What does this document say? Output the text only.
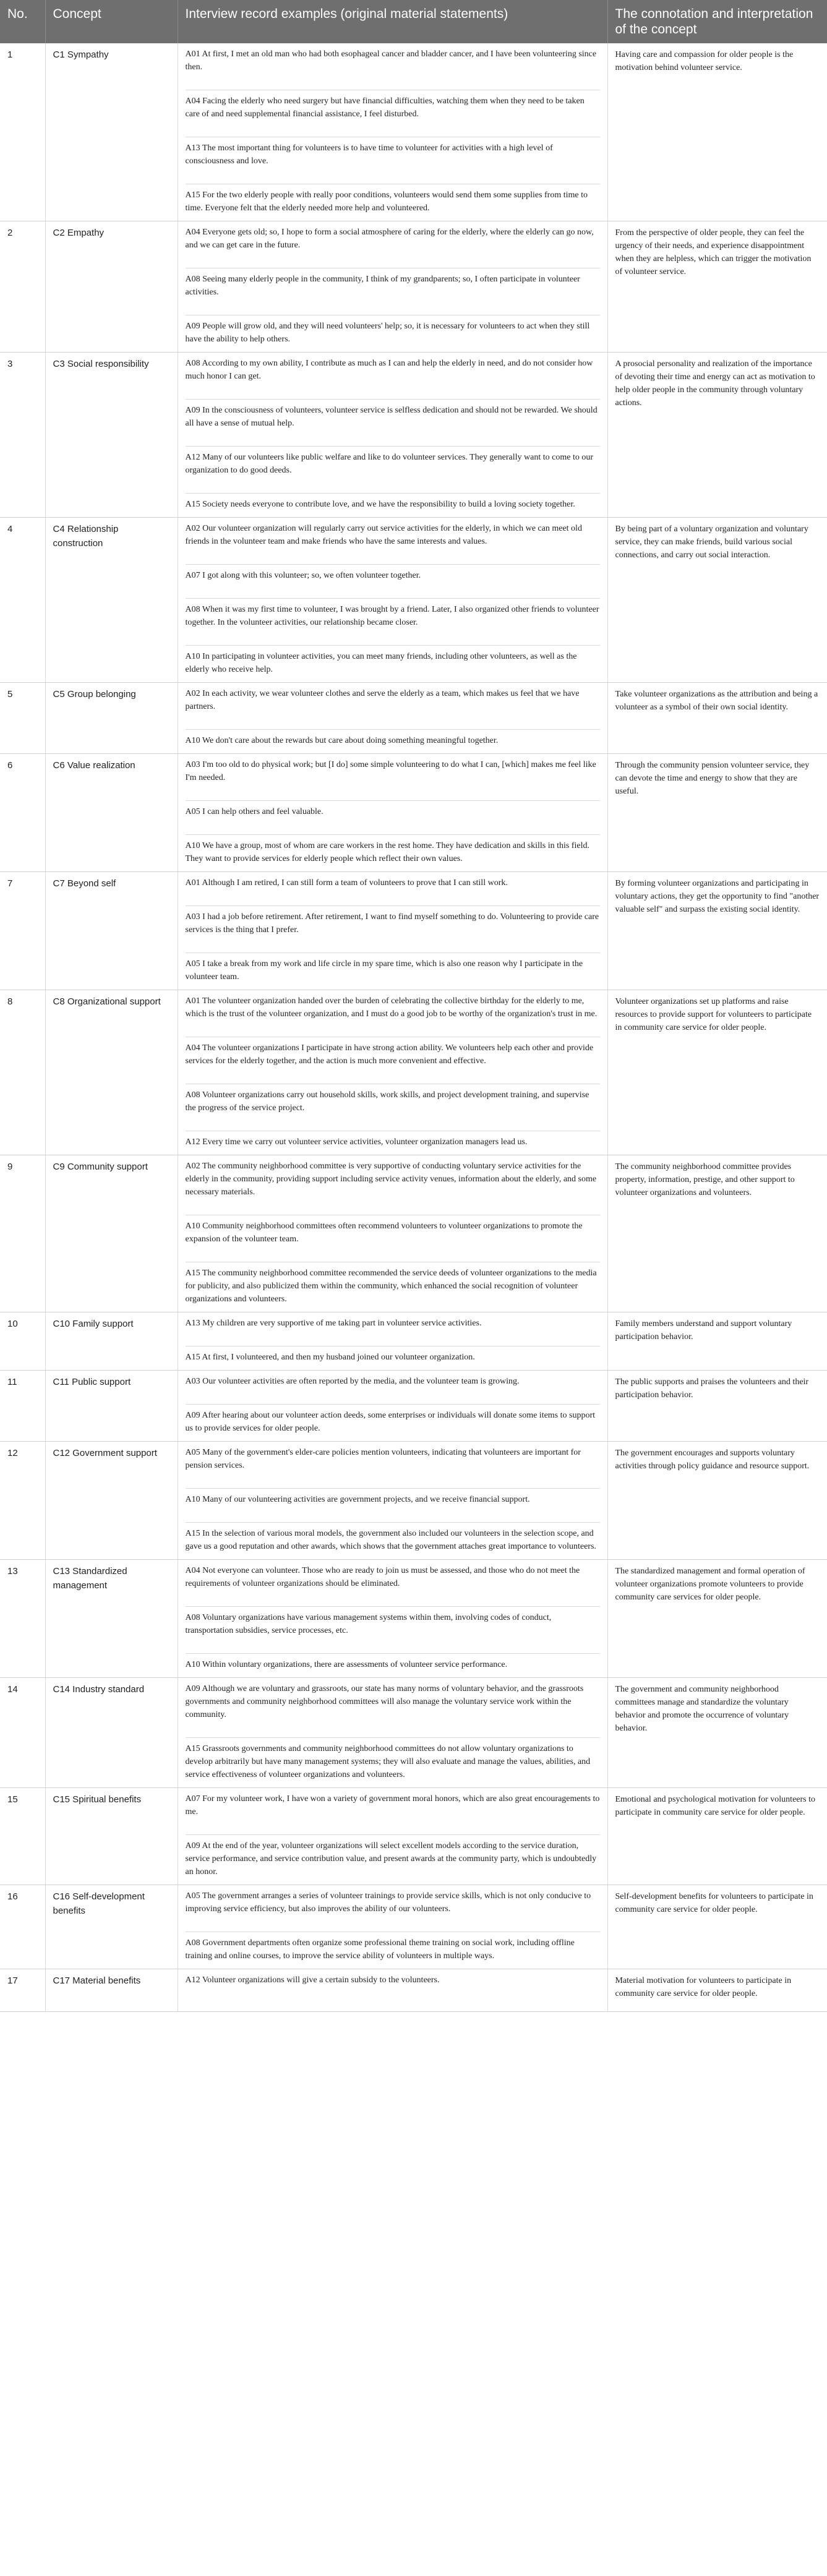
No.	Concept	Interview record examples (original material statements)	The connotation and interpretation of the concept
1	C1 Sympathy	A01 At first, I met an old man who had both esophageal cancer and bladder cancer, and I have been volunteering since then.
A04 Facing the elderly who need surgery but have financial difficulties, watching them when they need to be taken care of and need supplemental financial assistance, I feel disturbed.
A13 The most important thing for volunteers is to have time to volunteer for activities with a high level of consciousness and love.
A15 For the two elderly people with really poor conditions, volunteers would send them some supplies from time to time. Everyone felt that the elderly needed more help and volunteered.	Having care and compassion for older people is the motivation behind volunteer service.
2	C2 Empathy	A04 Everyone gets old; so, I hope to form a social atmosphere of caring for the elderly, where the elderly can go now, and we can get care in the future.
A08 Seeing many elderly people in the community, I think of my grandparents; so, I often participate in volunteer activities.
A09 People will grow old, and they will need volunteers' help; so, it is necessary for volunteers to act when they still have the ability to help others.	From the perspective of older people, they can feel the urgency of their needs, and experience disappointment when they are helpless, which can trigger the motivation of volunteer service.
3	C3 Social responsibility	A08 According to my own ability, I contribute as much as I can and help the elderly in need, and do not consider how much honor I can get.
A09 In the consciousness of volunteers, volunteer service is selfless dedication and should not be rewarded. We should all have a sense of mutual help.
A12 Many of our volunteers like public welfare and like to do volunteer services. They generally want to come to our organization to do good deeds.
A15 Society needs everyone to contribute love, and we have the responsibility to build a loving society together.	A prosocial personality and realization of the importance of devoting their time and energy can act as motivation to help older people in the community through voluntary actions.
4	C4 Relationship construction	A02 Our volunteer organization will regularly carry out service activities for the elderly, in which we can meet old friends in the volunteer team and make friends who have the same interests and values.
A07 I got along with this volunteer; so, we often volunteer together.
A08 When it was my first time to volunteer, I was brought by a friend. Later, I also organized other friends to volunteer together. In the volunteer activities, our relationship became closer.
A10 In participating in volunteer activities, you can meet many friends, including other volunteers, as well as the elderly who receive help.	By being part of a voluntary organization and voluntary service, they can make friends, build various social connections, and carry out social interaction.
5	C5 Group belonging	A02 In each activity, we wear volunteer clothes and serve the elderly as a team, which makes us feel that we have partners.
A10 We don't care about the rewards but care about doing something meaningful together.	Take volunteer organizations as the attribution and being a volunteer as a symbol of their own social identity.
6	C6 Value realization	A03 I'm too old to do physical work; but [I do] some simple volunteering to do what I can, [which] makes me feel like I'm needed.
A05 I can help others and feel valuable.
A10 We have a group, most of whom are care workers in the rest home. They have dedication and skills in this field. They want to provide services for elderly people which reflect their own values.	Through the community pension volunteer service, they can devote the time and energy to show that they are useful.
7	C7 Beyond self	A01 Although I am retired, I can still form a team of volunteers to prove that I can still work.
A03 I had a job before retirement. After retirement, I want to find myself something to do. Volunteering to provide care services is the thing that I prefer.
A05 I take a break from my work and life circle in my spare time, which is also one reason why I participate in the volunteer team.	By forming volunteer organizations and participating in voluntary actions, they get the opportunity to find "another valuable self" and surpass the existing social identity.
8	C8 Organizational support	A01 The volunteer organization handed over the burden of celebrating the collective birthday for the elderly to me, which is the trust of the volunteer organization, and I must do a good job to be worthy of the organization's trust in me.
A04 The volunteer organizations I participate in have strong action ability. We volunteers help each other and provide services for the elderly together, and the action is much more convenient and effective.
A08 Volunteer organizations carry out household skills, work skills, and project development training, and supervise the progress of the service project.
A12 Every time we carry out volunteer service activities, volunteer organization managers lead us.	Volunteer organizations set up platforms and raise resources to provide support for volunteers to participate in community care service for older people.
9	C9 Community support	A02 The community neighborhood committee is very supportive of conducting voluntary service activities for the elderly in the community, providing support including service activity venues, information about the elderly, and some necessary materials.
A10 Community neighborhood committees often recommend volunteers to volunteer organizations to promote the expansion of the volunteer team.
A15 The community neighborhood committee recommended the service deeds of volunteer organizations to the media for publicity, and also publicized them within the community, which enhanced the social recognition of volunteer organizations and volunteers.	The community neighborhood committee provides property, information, prestige, and other support to volunteer organizations and volunteers.
10	C10 Family support	A13 My children are very supportive of me taking part in volunteer service activities.
A15 At first, I volunteered, and then my husband joined our volunteer organization.	Family members understand and support voluntary participation behavior.
11	C11 Public support	A03 Our volunteer activities are often reported by the media, and the volunteer team is growing.
A09 After hearing about our volunteer action deeds, some enterprises or individuals will donate some items to support us to provide services for older people.	The public supports and praises the volunteers and their participation behavior.
12	C12 Government support	A05 Many of the government's elder-care policies mention volunteers, indicating that volunteers are important for pension services.
A10 Many of our volunteering activities are government projects, and we receive financial support.
A15 In the selection of various moral models, the government also included our volunteers in the selection scope, and gave us a good reputation and other awards, which shows that the government attaches great importance to volunteers.	The government encourages and supports voluntary activities through policy guidance and resource support.
13	C13 Standardized management	A04 Not everyone can volunteer. Those who are ready to join us must be assessed, and those who do not meet the requirements of volunteer organizations should be eliminated.
A08 Voluntary organizations have various management systems within them, involving codes of conduct, transportation subsidies, service processes, etc.
A10 Within voluntary organizations, there are assessments of volunteer service performance.	The standardized management and formal operation of volunteer organizations promote volunteers to provide community care services for older people.
14	C14 Industry standard	A09 Although we are voluntary and grassroots, our state has many norms of voluntary behavior, and the grassroots governments and community neighborhood committees will also manage the voluntary service work within the community.
A15 Grassroots governments and community neighborhood committees do not allow voluntary organizations to develop arbitrarily but have many management systems; they will also evaluate and manage the values, abilities, and service effectiveness of volunteer organizations and volunteers.	The government and community neighborhood committees manage and standardize the voluntary behavior and promote the occurrence of voluntary behavior.
15	C15 Spiritual benefits	A07 For my volunteer work, I have won a variety of government moral honors, which are also great encouragements to me.
A09 At the end of the year, volunteer organizations will select excellent models according to the service duration, service performance, and service contribution value, and present awards at the community party, which is undoubtedly an honor.	Emotional and psychological motivation for volunteers to participate in community care service for older people.
16	C16 Self-development benefits	A05 The government arranges a series of volunteer trainings to provide service skills, which is not only conducive to improving service efficiency, but also improves the ability of our volunteers.
A08 Government departments often organize some professional theme training on social work, including offline training and online courses, to improve the service ability of volunteers in multiple ways.	Self-development benefits for volunteers to participate in community care service for older people.
17	C17 Material benefits	A12 Volunteer organizations will give a certain subsidy to the volunteers.	Material motivation for volunteers to participate in community care service for older people.
